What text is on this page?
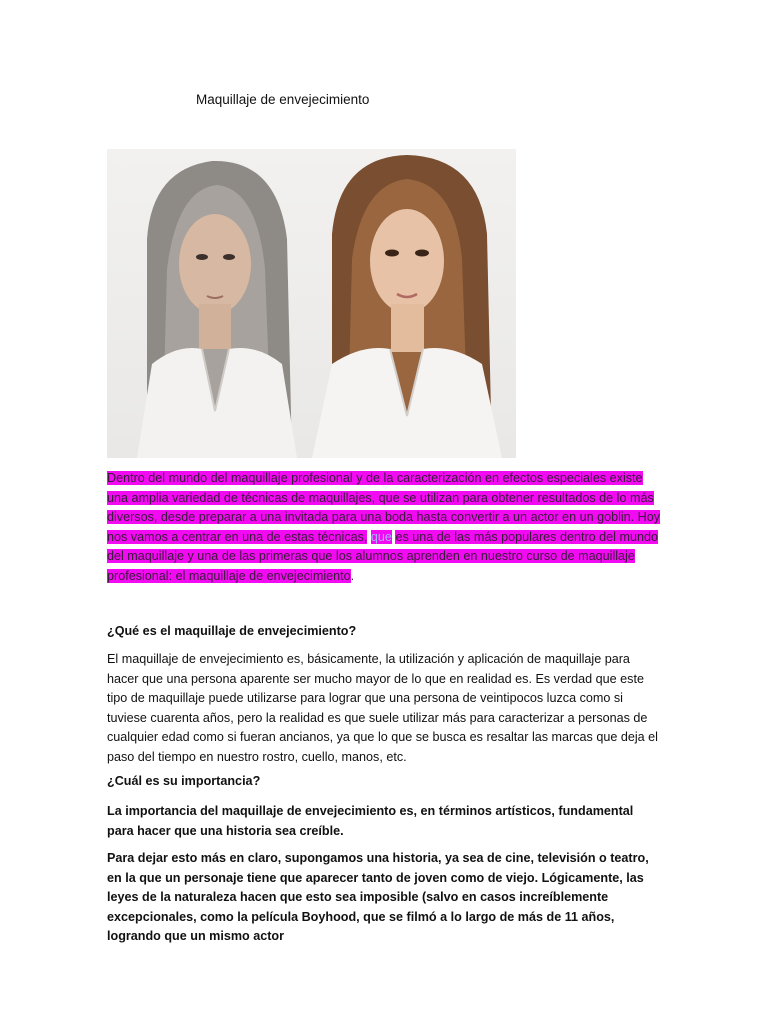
Maquillaje de envejecimiento
Dentro del mundo del maquillaje profesional y de la caracterización en efectos especiales existe una amplia variedad de técnicas de maquillajes, que se utilizan para obtener resultados de lo más diversos, desde preparar a una invitada para una boda hasta convertir a un actor en un goblin. Hoy nos vamos a centrar en una de estas técnicas, que es una de las más populares dentro del mundo del maquillaje y una de las primeras que los alumnos aprenden en nuestro curso de maquillaje profesional: el maquillaje de envejecimiento.
¿Qué es el maquillaje de envejecimiento?
El maquillaje de envejecimiento es, básicamente, la utilización y aplicación de maquillaje para hacer que una persona aparente ser mucho mayor de lo que en realidad es. Es verdad que este tipo de maquillaje puede utilizarse para lograr que una persona de veintipocos luzca como si tuviese cuarenta años, pero la realidad es que suele utilizar más para caracterizar a personas de cualquier edad como si fueran ancianos, ya que lo que se busca es resaltar las marcas que deja el paso del tiempo en nuestro rostro, cuello, manos, etc.
¿Cuál es su importancia?
La importancia del maquillaje de envejecimiento es, en términos artísticos, fundamental para hacer que una historia sea creíble.
Para dejar esto más en claro, supongamos una historia, ya sea de cine, televisión o teatro, en la que un personaje tiene que aparecer tanto de joven como de viejo. Lógicamente, las leyes de la naturaleza hacen que esto sea imposible (salvo en casos increíblemente excepcionales, como la película Boyhood, que se filmó a lo largo de más de 11 años, logrando que un mismo actor
